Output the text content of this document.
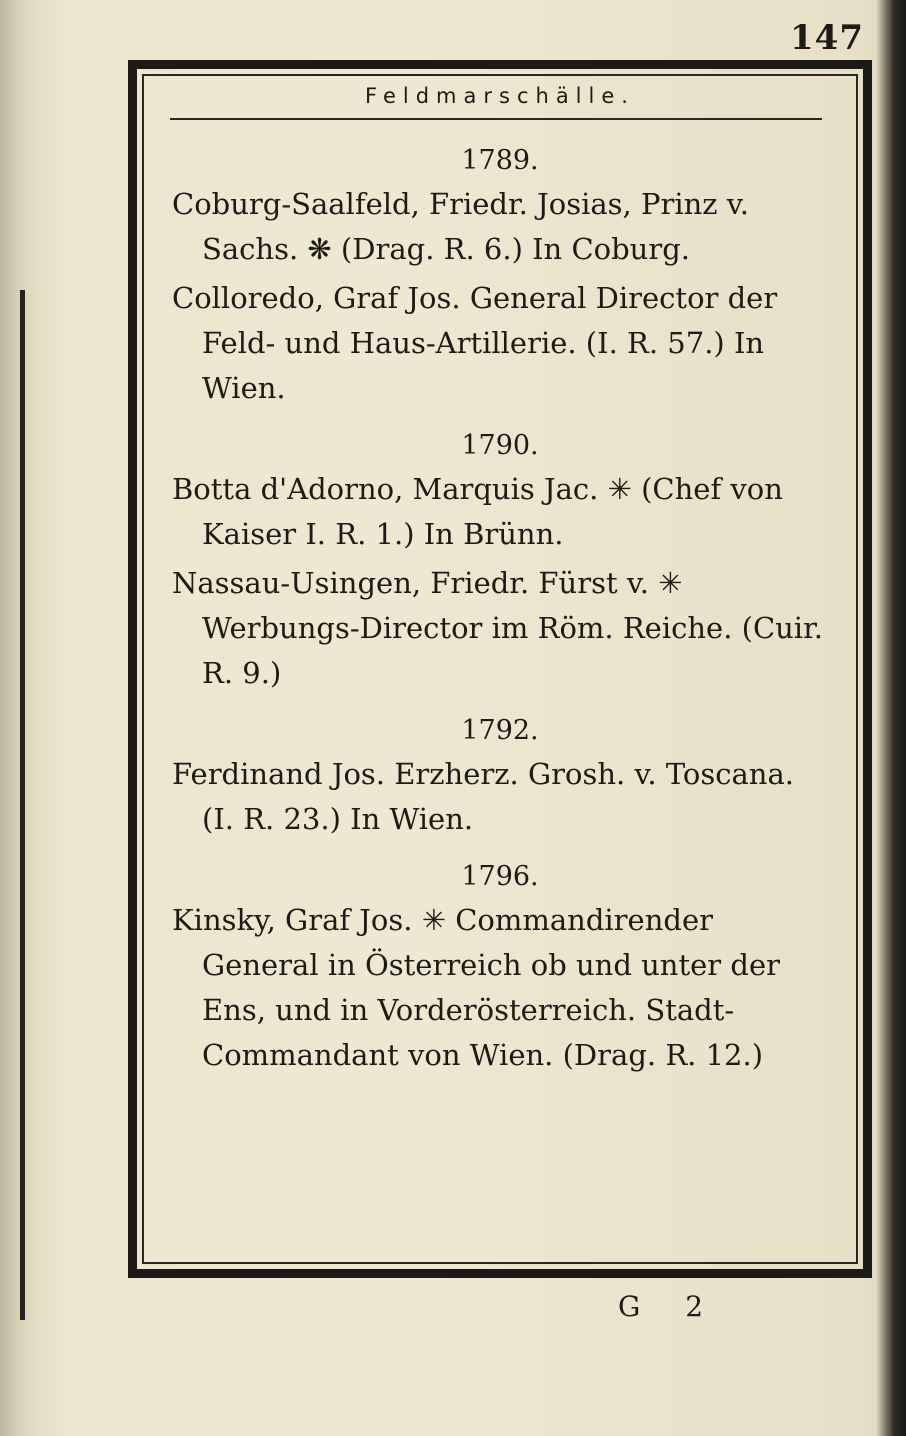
147
Feldmarschälle.

1789.

Coburg-Saalfeld, Friedr. Josias, Prinz v. Sachs. ❋ (Drag. R. 6.) In Coburg.

Colloredo, Graf Jos. General Director der Feld- und Haus-Artillerie. (I. R. 57.) In Wien.

1790.

Botta d'Adorno, Marquis Jac. ✳ (Chef von Kaiser I. R. 1.) In Brünn.

Nassau-Usingen, Friedr. Fürst v. ✳ Werbungs-Director im Röm. Reiche. (Cuir. R. 9.)

1792.

Ferdinand Jos. Erzherz. Grosh. v. Toscana. (I. R. 23.) In Wien.

1796.

Kinsky, Graf Jos. ✳ Commandirender General in Österreich ob und unter der Ens, und in Vorderösterreich. Stadt-Commandant von Wien. (Drag. R. 12.)

G 2
